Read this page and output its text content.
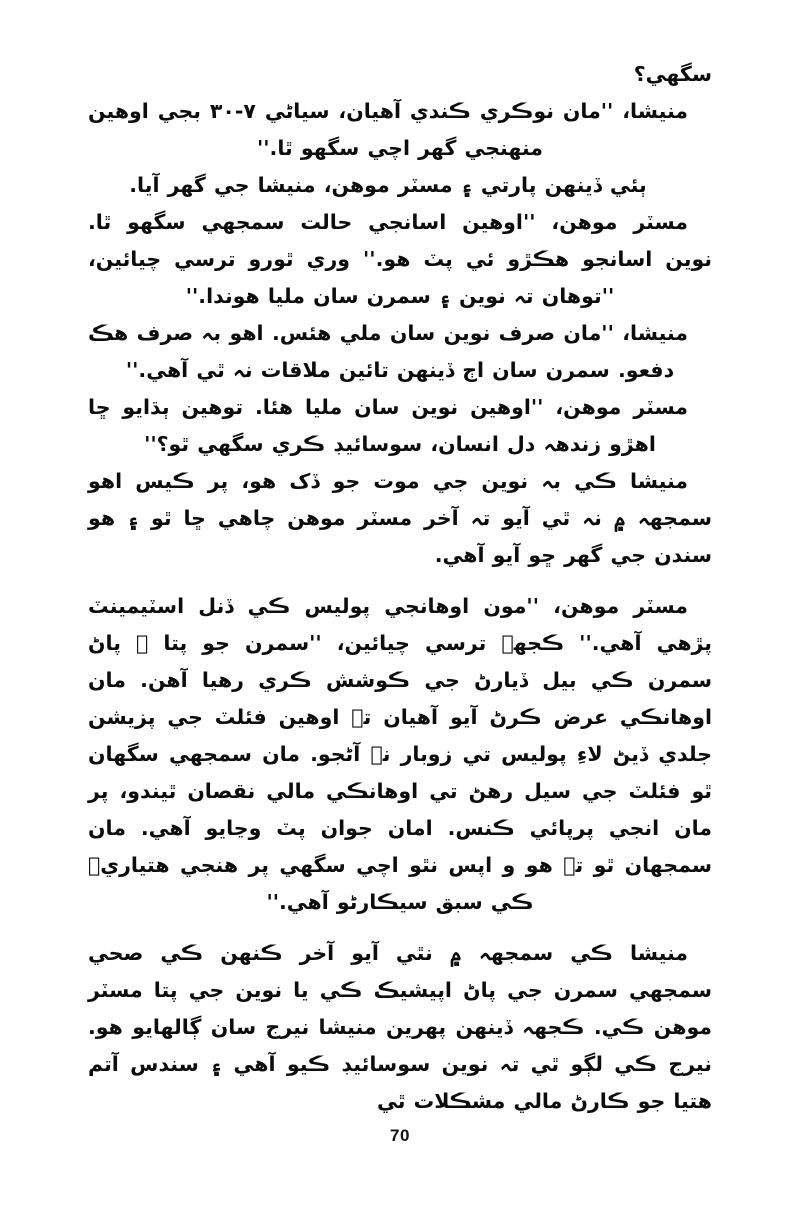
سگهي؟

منيشا، ''مان نوڪري ڪندي آهيان، سياڻي ٧-٣٠ بجي اوهين منهنجي گهر اچي سگهو ٿا.''

ٻئي ڏينهن پارتي ۽ مسٽر موهن، منيشا جي گهر آيا.

مسٽر موهن، ''اوهين اسانجي حالت سمجهي سگهو ٿا. نوين اسانجو هڪڙو ئي پٽ هو.'' وري ٿورو ترسي چيائين، ''توهان تہ نوين ۽ سمرن سان مليا هوندا.''

منيشا، ''مان صرف نوين سان ملي هئس. اهو بہ صرف هڪ دفعو. سمرن سان اڄ ڏينهن تائين ملاقات نہ ٿي آهي.''

مسٽر موهن، ''اوهين نوين سان مليا هئا. توهين ٻڌايو ڇا اهڙو زندهہ دل انسان، سوسائيڊ ڪري سگهي ٿو؟''

منيشا ڪي بہ نوين جي موت جو ڏک هو، پر ڪيس اهو سمجهہ ۾ نہ ٿي آيو تہ آخر مسٽر موهن چاهي ڇا ٿو ۽ هو سندن جي گهر ڇو آيو آهي.

مسٽر موهن، ''مون اوهانجي پوليس ڪي ڏنل اسٽيمينٽ پڙهي آهي.'' ڪجهہ ترسي چيائين، ''سمرن جو پتا ۽ پاڻ سمرن ڪي بيل ڏيارڻ جي ڪوشش ڪري رهيا آهن. مان اوهانڪي عرض ڪرڻ آيو آهيان تہ اوهين فئلٽ جي پزيشن جلدي ڏيڻ لاءِ پوليس تي زوبار نہ آڻجو. مان سمجهي سگهان ٿو فئلٽ جي سيل رهڻ تي اوهانڪي مالي نقصان ٿيندو، پر مان انجي پرپائي ڪنس. امان جوان پٽ وڃايو آهي. مان سمجهان ٿو تہ هو و اپس نٿو اچي سگهي پر هنجي هتياري٘ ڪي سبق سيڪارڻو آهي.''

منيشا ڪي سمجهہ ۾ نٿي آيو آخر ڪنهن ڪي صحي سمجهي سمرن جي پاڻ اپيشيڪ ڪي يا نوين جي پتا مسٽر موهن ڪي. ڪجهہ ڏينهن پهرين منيشا نيرج سان ڳالهايو هو. نيرج ڪي لڳو ٿي تہ نوين سوسائيڊ ڪيو آهي ۽ سندس آتم هتيا جو ڪارڻ مالي مشڪلات ٿي

70
